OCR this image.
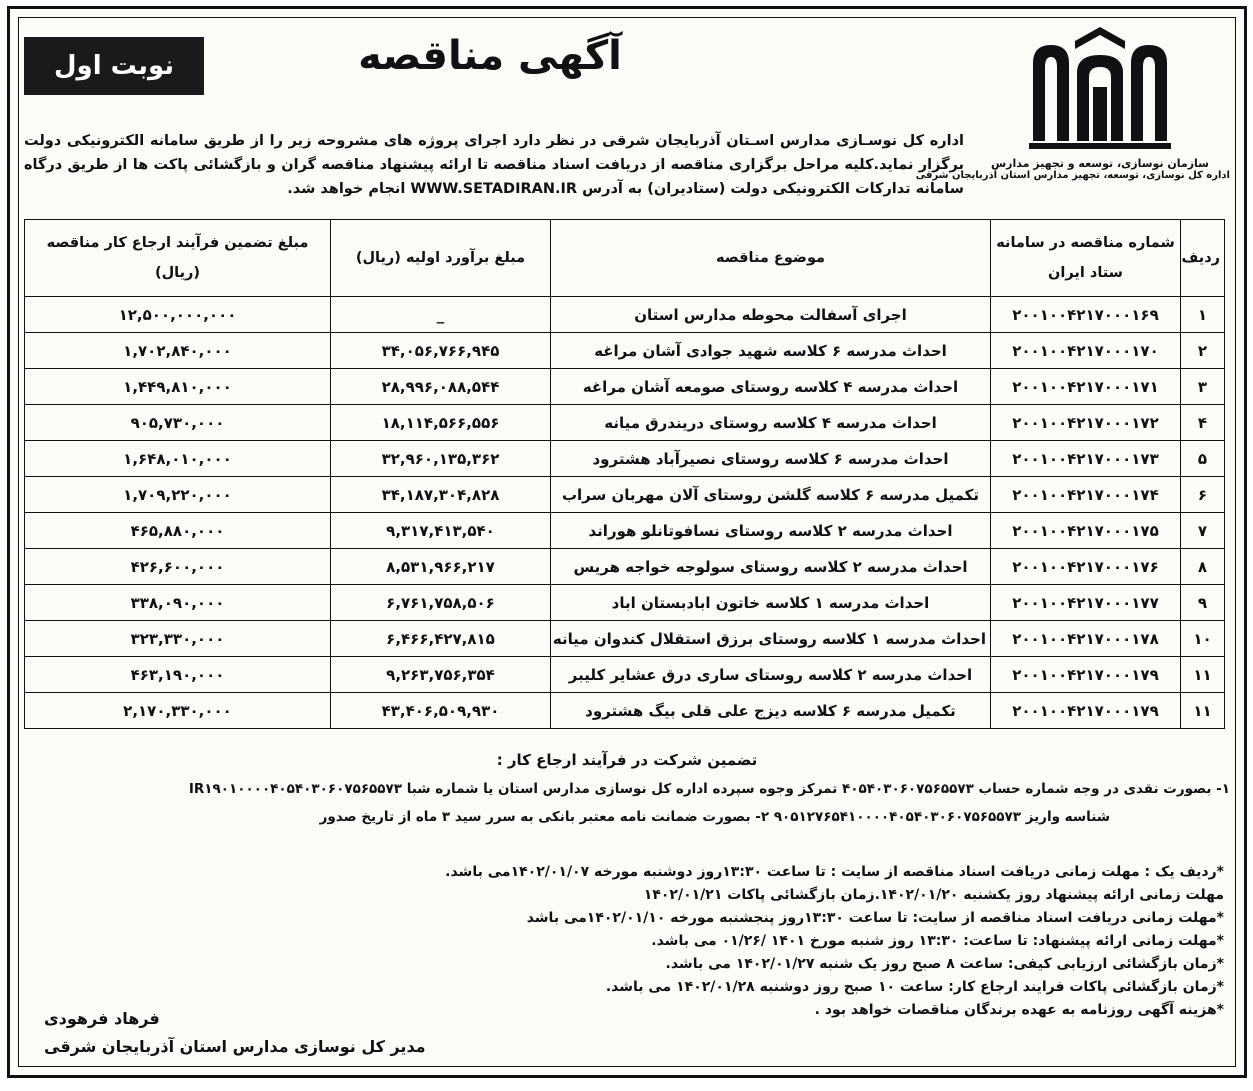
سازمان نوسازی، توسعه و تجهیز مدارس
اداره کل نوسازی، توسعه، تجهیز مدارس استان آذربایجان شرقی
آگهی مناقصه
نوبت اول
اداره کل نوسـازی مدارس اسـتان آذربایجان شرقی در نظر دارد اجرای پروژه های مشروحه زیر را از طریق سامانه الکترونیکی دولت برگزار نماید.کلیه مراحل برگزاری مناقصه از دریافت اسناد مناقصه تا ارائه پیشنهاد مناقصه گران و بازگشائی پاکت ها از طریق درگاه سامانه تدارکات الکترونیکی دولت (ستادیران) به آدرس WWW.SETADIRAN.IR انجام خواهد شد.
ردیف	شماره مناقصه در سامانه ستاد ایران	موضوع مناقصه	مبلغ برآورد اولیه (ریال)	مبلغ تضمین فرآیند ارجاع کار مناقصه (ریال)
۱	۲۰۰۱۰۰۴۲۱۷۰۰۰۱۶۹	اجرای آسفالت محوطه مدارس استان	_	۱۲,۵۰۰,۰۰۰,۰۰۰
۲	۲۰۰۱۰۰۴۲۱۷۰۰۰۱۷۰	احداث مدرسه ۶ کلاسه شهید جوادی آشان مراغه	۳۴,۰۵۶,۷۶۶,۹۴۵	۱,۷۰۲,۸۴۰,۰۰۰
۳	۲۰۰۱۰۰۴۲۱۷۰۰۰۱۷۱	احداث مدرسه ۴ کلاسه روستای صومعه آشان مراغه	۲۸,۹۹۶,۰۸۸,۵۴۴	۱,۴۴۹,۸۱۰,۰۰۰
۴	۲۰۰۱۰۰۴۲۱۷۰۰۰۱۷۲	احداث مدرسه ۴ کلاسه روستای دریندرق میانه	۱۸,۱۱۴,۵۶۶,۵۵۶	۹۰۵,۷۳۰,۰۰۰
۵	۲۰۰۱۰۰۴۲۱۷۰۰۰۱۷۳	احداث مدرسه ۶ کلاسه روستای نصیرآباد هشترود	۳۲,۹۶۰,۱۳۵,۳۶۲	۱,۶۴۸,۰۱۰,۰۰۰
۶	۲۰۰۱۰۰۴۲۱۷۰۰۰۱۷۴	تکمیل مدرسه ۶ کلاسه گلشن روستای آلان مهربان سراب	۳۴,۱۸۷,۳۰۴,۸۲۸	۱,۷۰۹,۲۲۰,۰۰۰
۷	۲۰۰۱۰۰۴۲۱۷۰۰۰۱۷۵	احداث مدرسه ۲ کلاسه روستای نسافوتانلو هوراند	۹,۳۱۷,۴۱۳,۵۴۰	۴۶۵,۸۸۰,۰۰۰
۸	۲۰۰۱۰۰۴۲۱۷۰۰۰۱۷۶	احداث مدرسه ۲ کلاسه روستای سولوجه خواجه هریس	۸,۵۳۱,۹۶۶,۲۱۷	۴۲۶,۶۰۰,۰۰۰
۹	۲۰۰۱۰۰۴۲۱۷۰۰۰۱۷۷	احداث مدرسه ۱ کلاسه خاتون ابادبستان اباد	۶,۷۶۱,۷۵۸,۵۰۶	۳۳۸,۰۹۰,۰۰۰
۱۰	۲۰۰۱۰۰۴۲۱۷۰۰۰۱۷۸	احداث مدرسه ۱ کلاسه روستای برزق استقلال کندوان میانه	۶,۴۶۶,۴۲۷,۸۱۵	۳۲۳,۳۳۰,۰۰۰
۱۱	۲۰۰۱۰۰۴۲۱۷۰۰۰۱۷۹	احداث مدرسه ۲ کلاسه روستای ساری درق عشایر کلیبر	۹,۲۶۳,۷۵۶,۳۵۴	۴۶۳,۱۹۰,۰۰۰
۱۱	۲۰۰۱۰۰۴۲۱۷۰۰۰۱۷۹	تکمیل مدرسه ۶ کلاسه دیزج علی قلی بیگ هشترود	۴۳,۴۰۶,۵۰۹,۹۳۰	۲,۱۷۰,۳۳۰,۰۰۰
تضمین شرکت در فرآیند ارجاع کار :
۱- بصورت نقدی در وجه شماره حساب ۴۰۵۴۰۳۰۶۰۷۵۶۵۵۷۳ تمرکز وجوه سپرده اداره کل نوسازی مدارس استان یا شماره شبا IR۱۹۰۱۰۰۰۰۴۰۵۴۰۳۰۶۰۷۵۶۵۵۷۳
شناسه واریز ۹۰۵۱۲۷۶۵۴۱۰۰۰۰۴۰۵۴۰۳۰۶۰۷۵۶۵۵۷۳ ۲- بصورت ضمانت نامه معتبر بانکی به سرر سید ۳ ماه از تاریخ صدور
*ردیف یک : مهلت زمانی دریافت اسناد مناقصه از سایت : تا ساعت ۱۳:۳۰روز دوشنبه مورخه ۱۴۰۲/۰۱/۰۷می باشد.
مهلت زمانی ارائه پیشنهاد روز یکشنبه ۱۴۰۲/۰۱/۲۰.زمان بازگشائی پاکات ۱۴۰۲/۰۱/۲۱
*مهلت زمانی دریافت اسناد مناقصه از سایت: تا ساعت ۱۳:۳۰روز پنجشنبه مورخه ۱۴۰۲/۰۱/۱۰می باشد
*مهلت زمانی ارائه پیشنهاد: تا ساعت: ۱۳:۳۰ روز شنبه مورخ ۱۴۰۱ /۰۱/۲۶ می باشد.
*زمان بازگشائی ارزیابی کیفی: ساعت ۸ صبح روز یک شنبه ۱۴۰۲/۰۱/۲۷ می باشد.
*زمان بازگشائی پاکات فرایند ارجاع کار: ساعت ۱۰ صبح روز دوشنبه ۱۴۰۲/۰۱/۲۸ می باشد.
*هزینه آگهی روزنامه به عهده برندگان مناقصات خواهد بود .
فرهاد فرهودی
مدیر کل نوسازی مدارس استان آذربایجان شرقی
